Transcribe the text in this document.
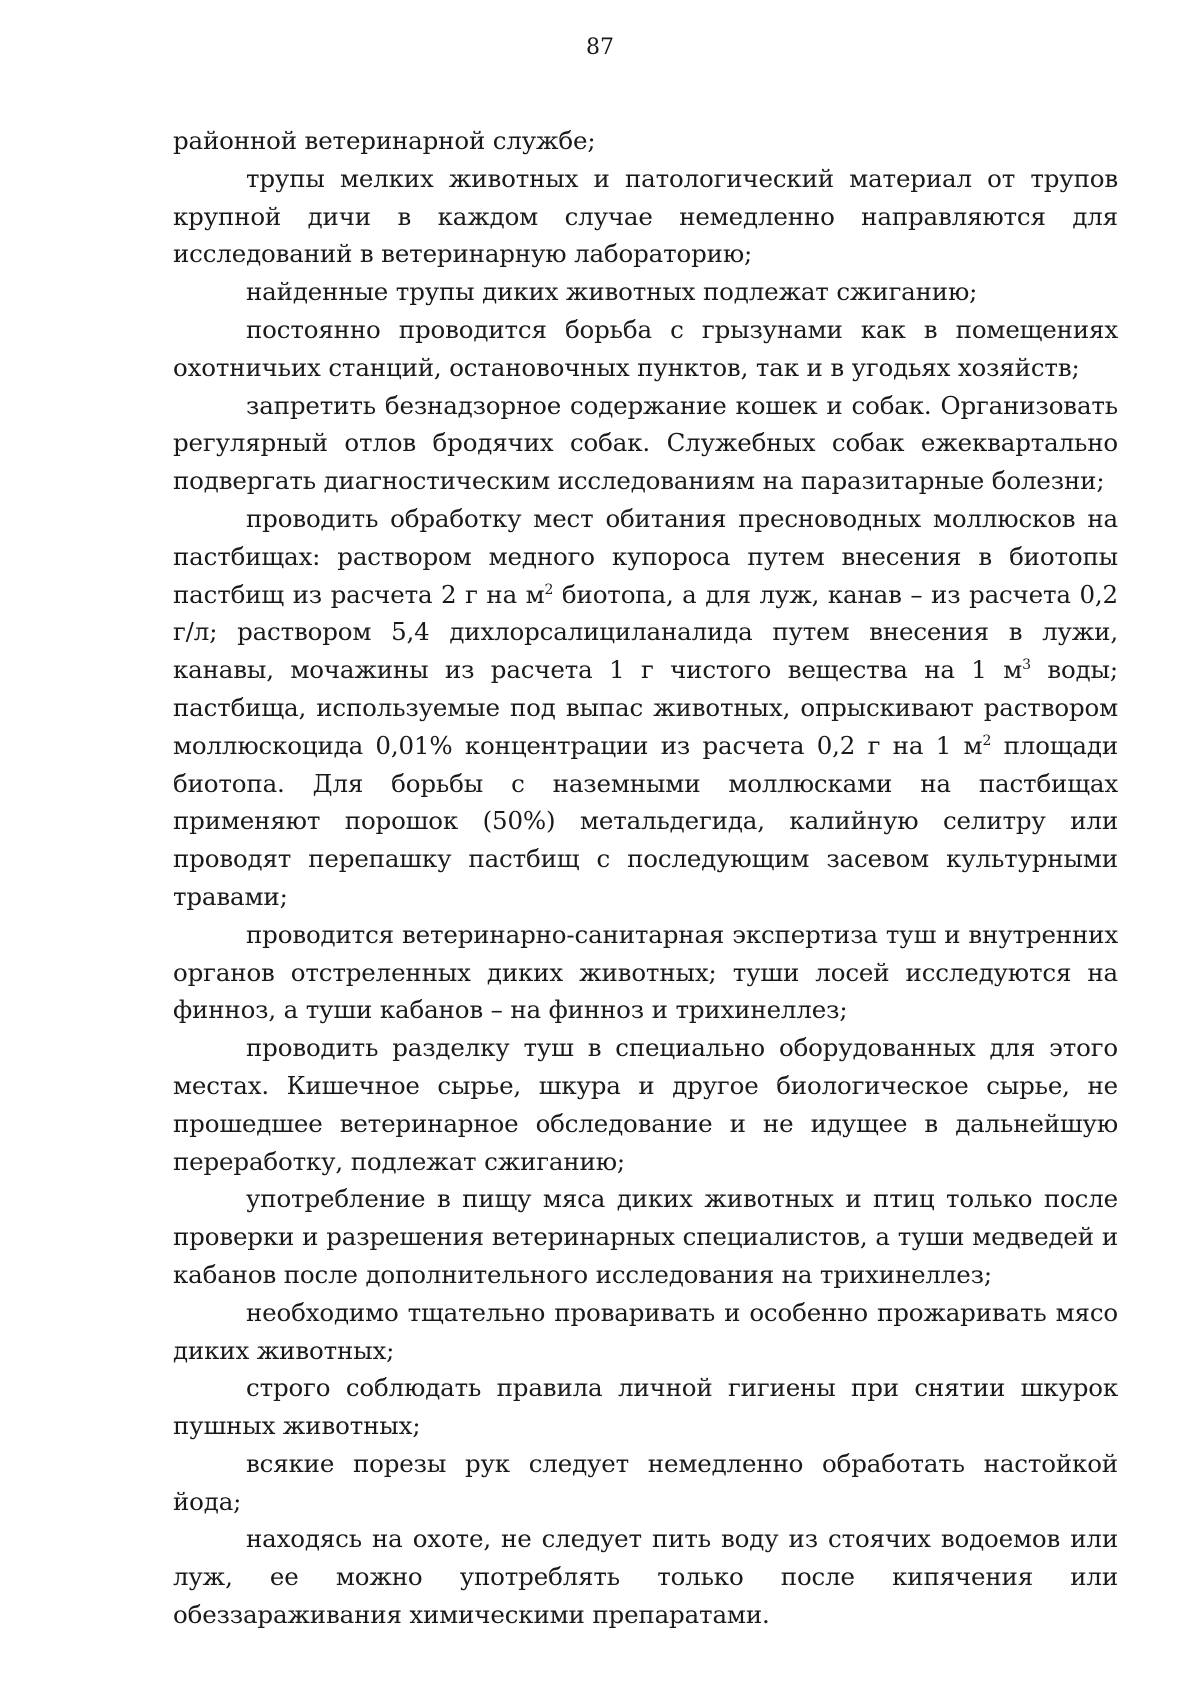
87

районной ветеринарной службе;

трупы мелких животных и патологический материал от трупов крупной дичи в каждом случае немедленно направляются для исследований в ветеринарную лабораторию;

найденные трупы диких животных подлежат сжиганию;

постоянно проводится борьба с грызунами как в помещениях охотничьих станций, остановочных пунктов, так и в угодьях хозяйств;

запретить безнадзорное содержание кошек и собак. Организовать регулярный отлов бродячих собак. Служебных собак ежеквартально подвергать диагностическим исследованиям на паразитарные болезни;

проводить обработку мест обитания пресноводных моллюсков на пастбищах: раствором медного купороса путем внесения в биотопы пастбищ из расчета 2 г на $м^2$ биотопа, а для луж, канав – из расчета 0,2 г/л; раствором 5,4 дихлорсалициланалида путем внесения в лужи, канавы, мочажины из расчета 1 г чистого вещества на 1 $м^3$ воды; пастбища, используемые под выпас животных, опрыскивают раствором моллюскоцида 0,01% концентрации из расчета 0,2 г на 1 $м^2$ площади биотопа. Для борьбы с наземными моллюсками на пастбищах применяют порошок (50%) метальдегида, калийную селитру или проводят перепашку пастбищ с последующим засевом культурными травами;

проводится ветеринарно-санитарная экспертиза туш и внутренних органов отстреленных диких животных; туши лосей исследуются на финноз, а туши кабанов – на финноз и трихинеллез;

проводить разделку туш в специально оборудованных для этого местах. Кишечное сырье, шкура и другое биологическое сырье, не прошедшее ветеринарное обследование и не идущее в дальнейшую переработку, подлежат сжиганию;

употребление в пищу мяса диких животных и птиц только после проверки и разрешения ветеринарных специалистов, а туши медведей и кабанов после дополнительного исследования на трихинеллез;

необходимо тщательно проваривать и особенно прожаривать мясо диких животных;

строго соблюдать правила личной гигиены при снятии шкурок пушных животных;

всякие порезы рук следует немедленно обработать настойкой йода;

находясь на охоте, не следует пить воду из стоячих водоемов или луж, ее можно употреблять только после кипячения или обеззараживания химическими препаратами.
